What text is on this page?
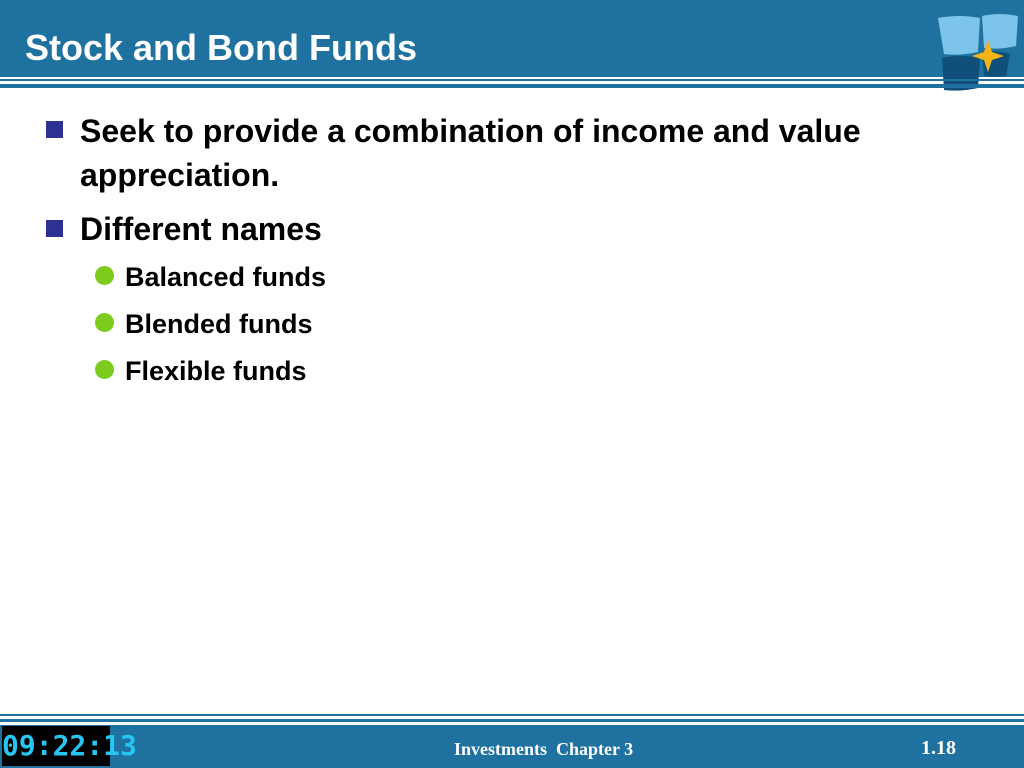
Stock and Bond Funds
Seek to provide a combination of income and value appreciation.
Different names
Balanced funds
Blended funds
Flexible funds
09:22:13	Investments  Chapter 3	1.18
